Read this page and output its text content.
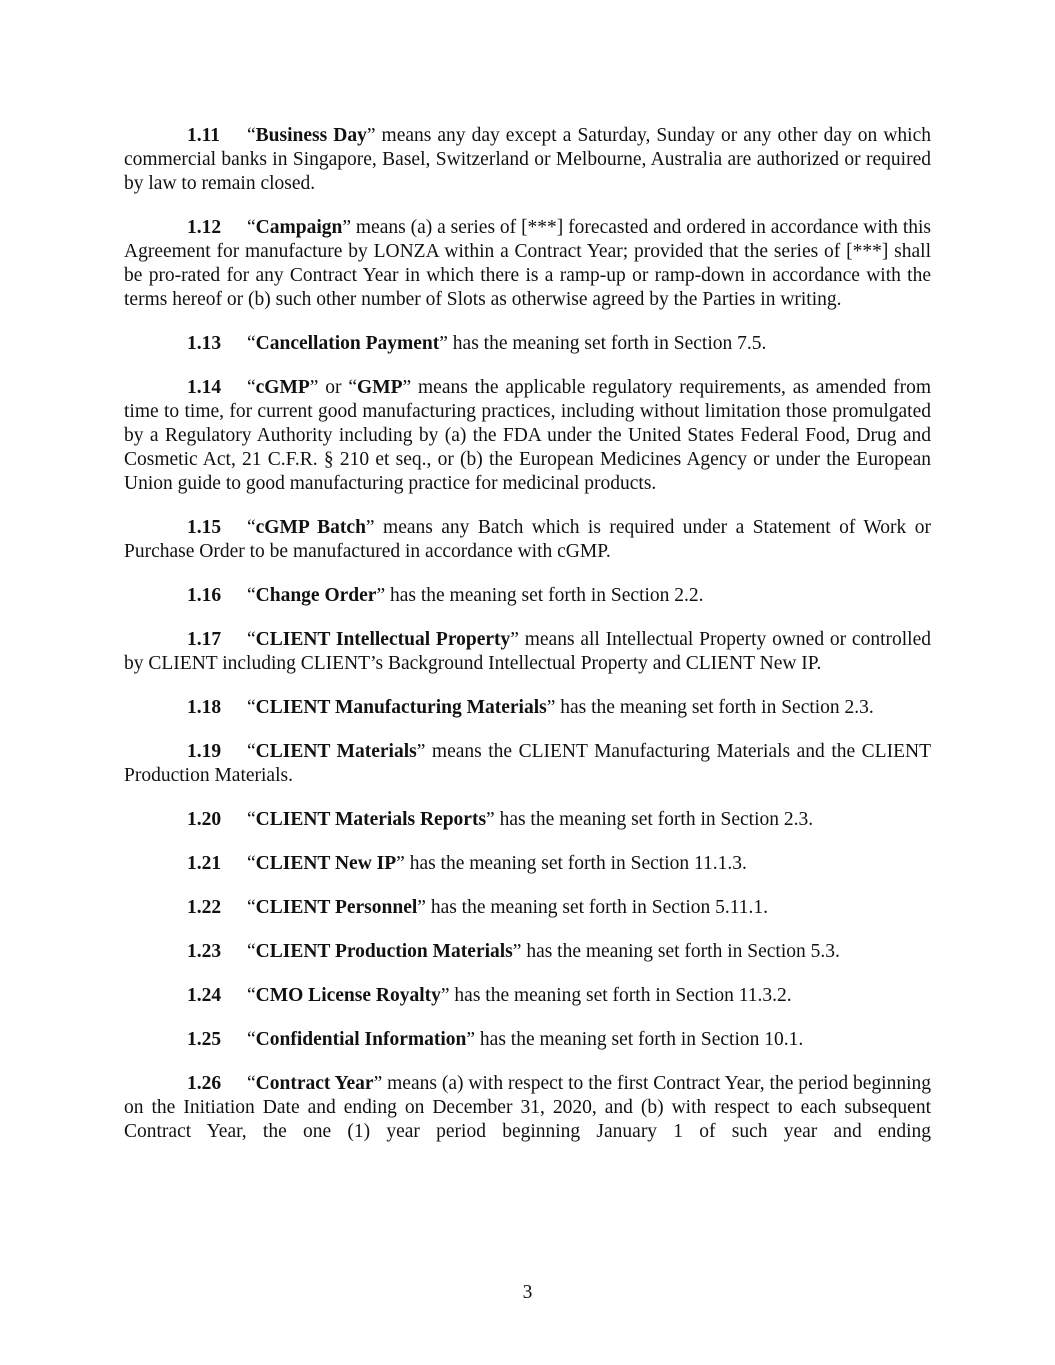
1.11 “Business Day” means any day except a Saturday, Sunday or any other day on which commercial banks in Singapore, Basel, Switzerland or Melbourne, Australia are authorized or required by law to remain closed.

1.12 “Campaign” means (a) a series of [***] forecasted and ordered in accordance with this Agreement for manufacture by LONZA within a Contract Year; provided that the series of [***] shall be pro-rated for any Contract Year in which there is a ramp-up or ramp-down in accordance with the terms hereof or (b) such other number of Slots as otherwise agreed by the Parties in writing.

1.13 “Cancellation Payment” has the meaning set forth in Section 7.5.

1.14 “cGMP” or “GMP” means the applicable regulatory requirements, as amended from time to time, for current good manufacturing practices, including without limitation those promulgated by a Regulatory Authority including by (a) the FDA under the United States Federal Food, Drug and Cosmetic Act, 21 C.F.R. § 210 et seq., or (b) the European Medicines Agency or under the European Union guide to good manufacturing practice for medicinal products.

1.15 “cGMP Batch” means any Batch which is required under a Statement of Work or Purchase Order to be manufactured in accordance with cGMP.

1.16 “Change Order” has the meaning set forth in Section 2.2.

1.17 “CLIENT Intellectual Property” means all Intellectual Property owned or controlled by CLIENT including CLIENT’s Background Intellectual Property and CLIENT New IP.

1.18 “CLIENT Manufacturing Materials” has the meaning set forth in Section 2.3.

1.19 “CLIENT Materials” means the CLIENT Manufacturing Materials and the CLIENT Production Materials.

1.20 “CLIENT Materials Reports” has the meaning set forth in Section 2.3.

1.21 “CLIENT New IP” has the meaning set forth in Section 11.1.3.

1.22 “CLIENT Personnel” has the meaning set forth in Section 5.11.1.

1.23 “CLIENT Production Materials” has the meaning set forth in Section 5.3.

1.24 “CMO License Royalty” has the meaning set forth in Section 11.3.2.

1.25 “Confidential Information” has the meaning set forth in Section 10.1.

1.26 “Contract Year” means (a) with respect to the first Contract Year, the period beginning on the Initiation Date and ending on December 31, 2020, and (b) with respect to each subsequent Contract Year, the one (1) year period beginning January 1 of such year and ending

3
